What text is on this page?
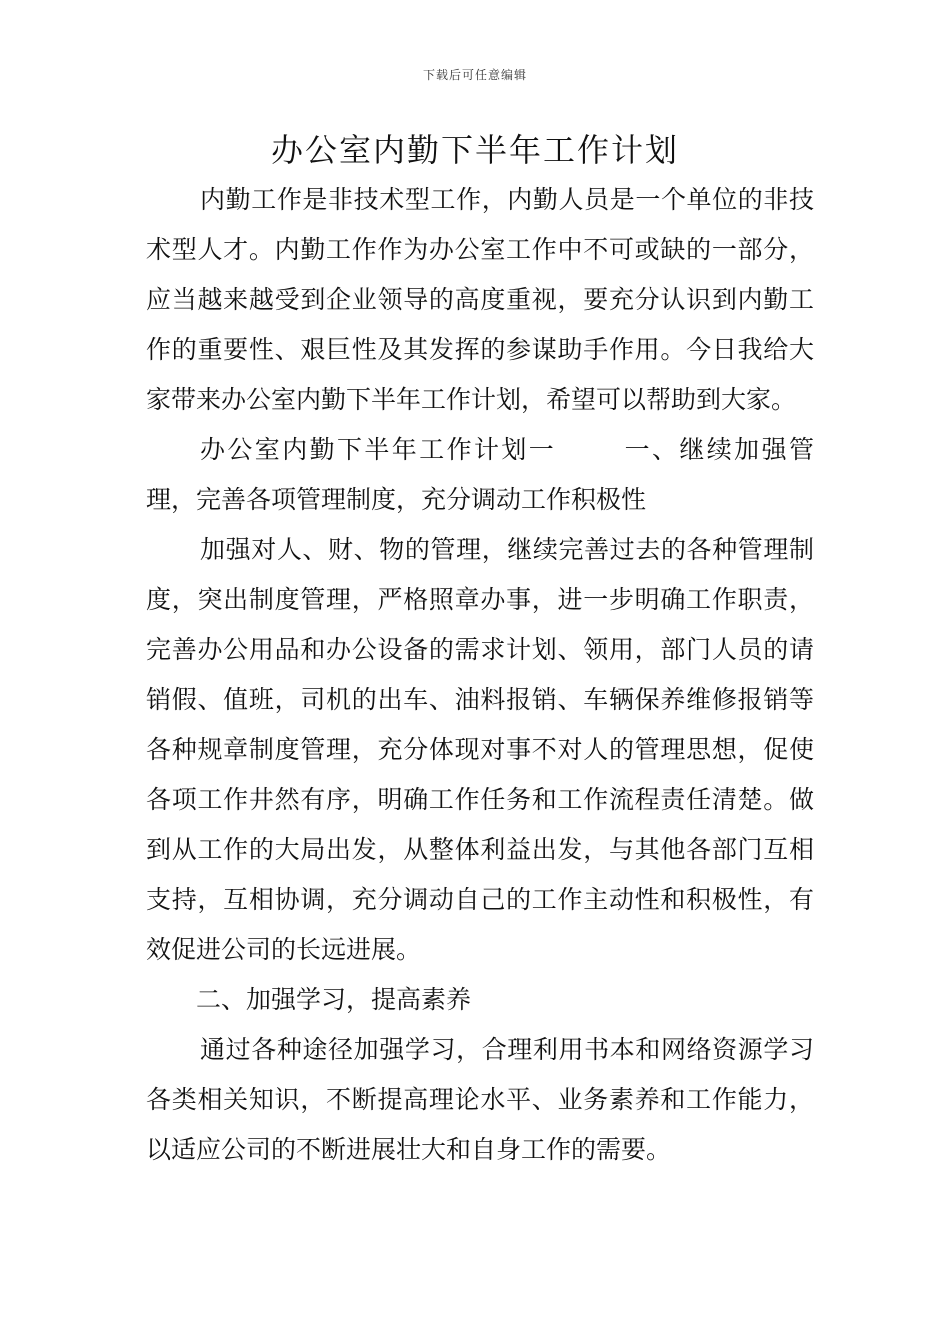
下载后可任意编辑
办公室内勤下半年工作计划

内勤工作是非技术型工作，内勤人员是一个单位的非技术型人才。内勤工作作为办公室工作中不可或缺的一部分，应当越来越受到企业领导的高度重视，要充分认识到内勤工作的重要性、艰巨性及其发挥的参谋助手作用。今日我给大家带来办公室内勤下半年工作计划，希望可以帮助到大家。

办公室内勤下半年工作计划一	一、继续加强管理，完善各项管理制度，充分调动工作积极性

加强对人、财、物的管理，继续完善过去的各种管理制度，突出制度管理，严格照章办事，进一步明确工作职责，完善办公用品和办公设备的需求计划、领用，部门人员的请销假、值班，司机的出车、油料报销、车辆保养维修报销等各种规章制度管理，充分体现对事不对人的管理思想，促使各项工作井然有序，明确工作任务和工作流程责任清楚。做到从工作的大局出发，从整体利益出发，与其他各部门互相支持，互相协调，充分调动自己的工作主动性和积极性，有效促进公司的长远进展。

二、加强学习，提高素养

通过各种途径加强学习，合理利用书本和网络资源学习各类相关知识，不断提高理论水平、业务素养和工作能力，以适应公司的不断进展壮大和自身工作的需要。
